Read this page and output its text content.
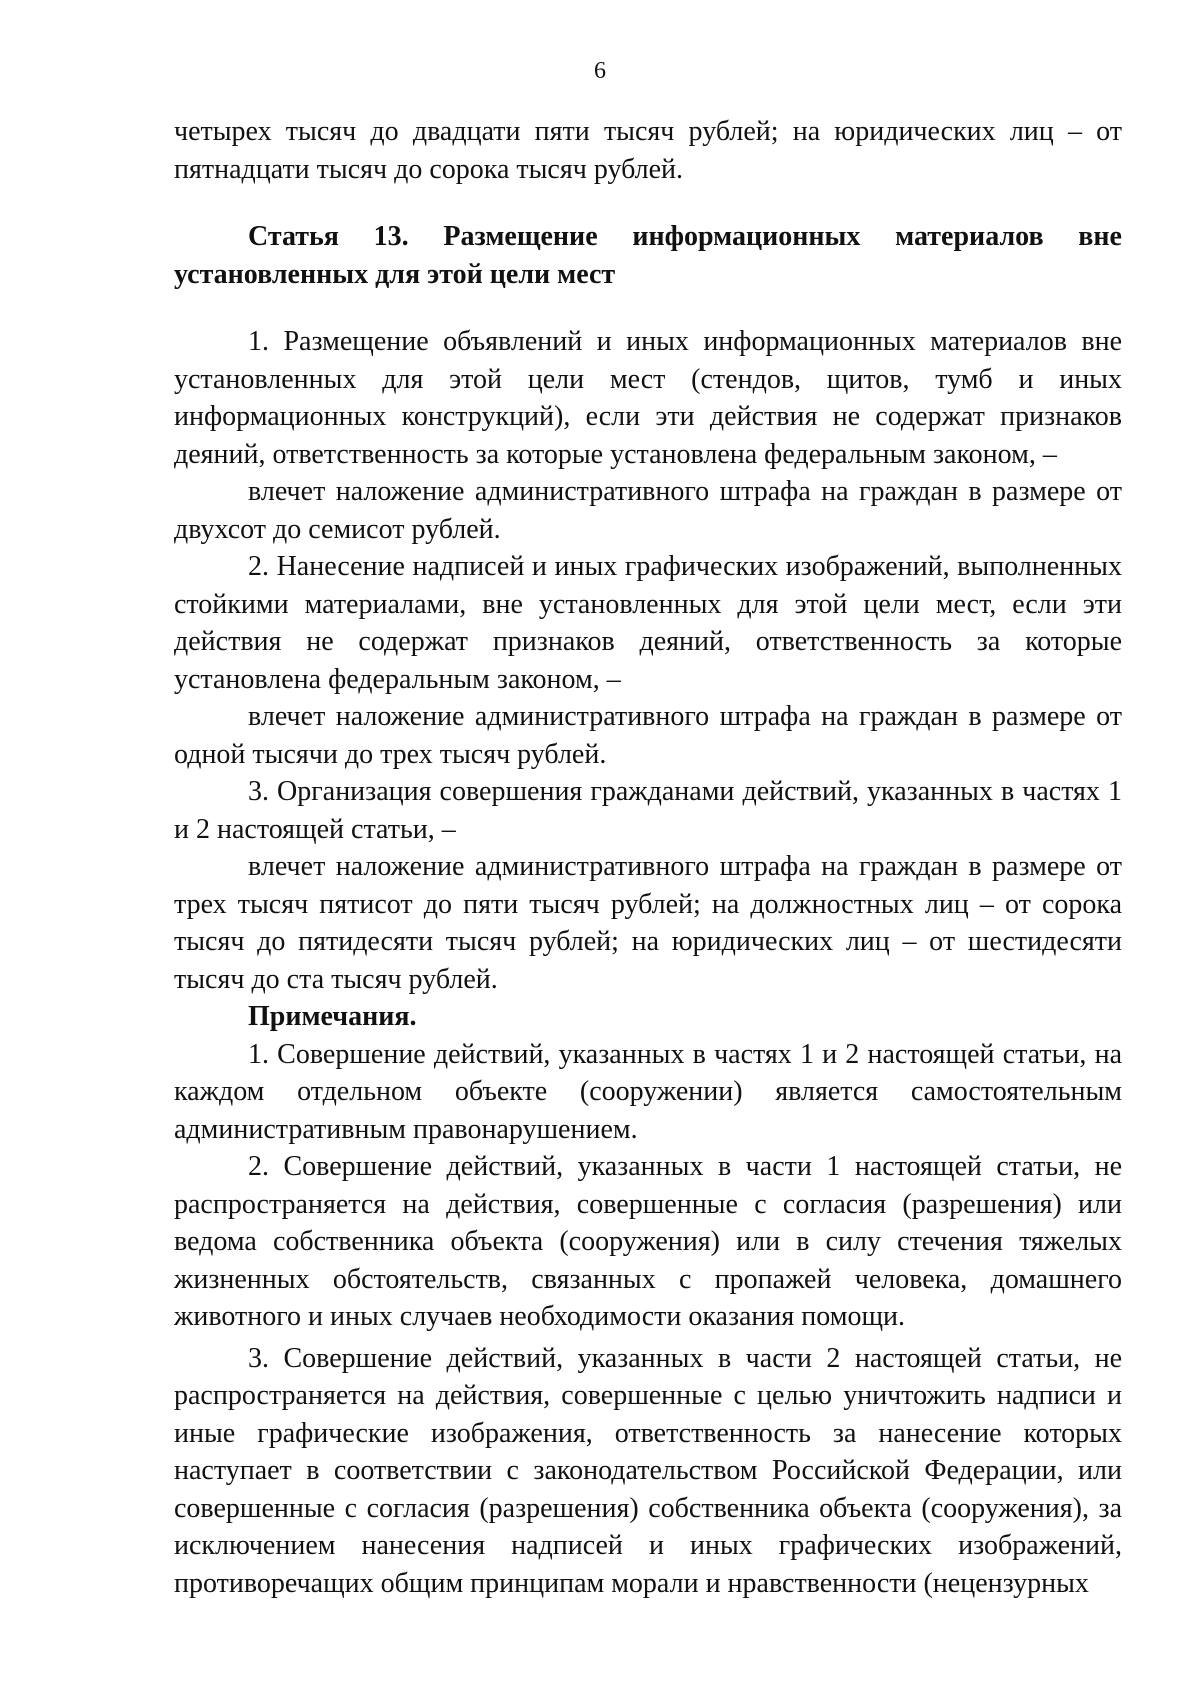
6

четырех тысяч до двадцати пяти тысяч рублей; на юридических лиц – от пятнадцати тысяч до сорока тысяч рублей.

Статья 13. Размещение информационных материалов вне
установленных для этой цели мест

1. Размещение объявлений и иных информационных материалов вне установленных для этой цели мест (стендов, щитов, тумб и иных информационных конструкций), если эти действия не содержат признаков деяний, ответственность за которые установлена федеральным законом, –

влечет наложение административного штрафа на граждан в размере от двухсот до семисот рублей.

2. Нанесение надписей и иных графических изображений, выполненных стойкими материалами, вне установленных для этой цели мест, если эти действия не содержат признаков деяний, ответственность за которые установлена федеральным законом, –

влечет наложение административного штрафа на граждан в размере от одной тысячи до трех тысяч рублей.

3. Организация совершения гражданами действий, указанных в частях 1 и 2 настоящей статьи, –

влечет наложение административного штрафа на граждан в размере от трех тысяч пятисот до пяти тысяч рублей; на должностных лиц – от сорока тысяч до пятидесяти тысяч рублей; на юридических лиц – от шестидесяти тысяч до ста тысяч рублей.

Примечания.

1. Совершение действий, указанных в частях 1 и 2 настоящей статьи, на каждом отдельном объекте (сооружении) является самостоятельным административным правонарушением.

2. Совершение действий, указанных в части 1 настоящей статьи, не распространяется на действия, совершенные с согласия (разрешения) или ведома собственника объекта (сооружения) или в силу стечения тяжелых жизненных обстоятельств, связанных с пропажей человека, домашнего животного и иных случаев необходимости оказания помощи.

3. Совершение действий, указанных в части 2 настоящей статьи, не распространяется на действия, совершенные с целью уничтожить надписи и иные графические изображения, ответственность за нанесение которых наступает в соответствии с законодательством Российской Федерации, или совершенные с согласия (разрешения) собственника объекта (сооружения), за исключением нанесения надписей и иных графических изображений, противоречащих общим принципам морали и нравственности (нецензурных
